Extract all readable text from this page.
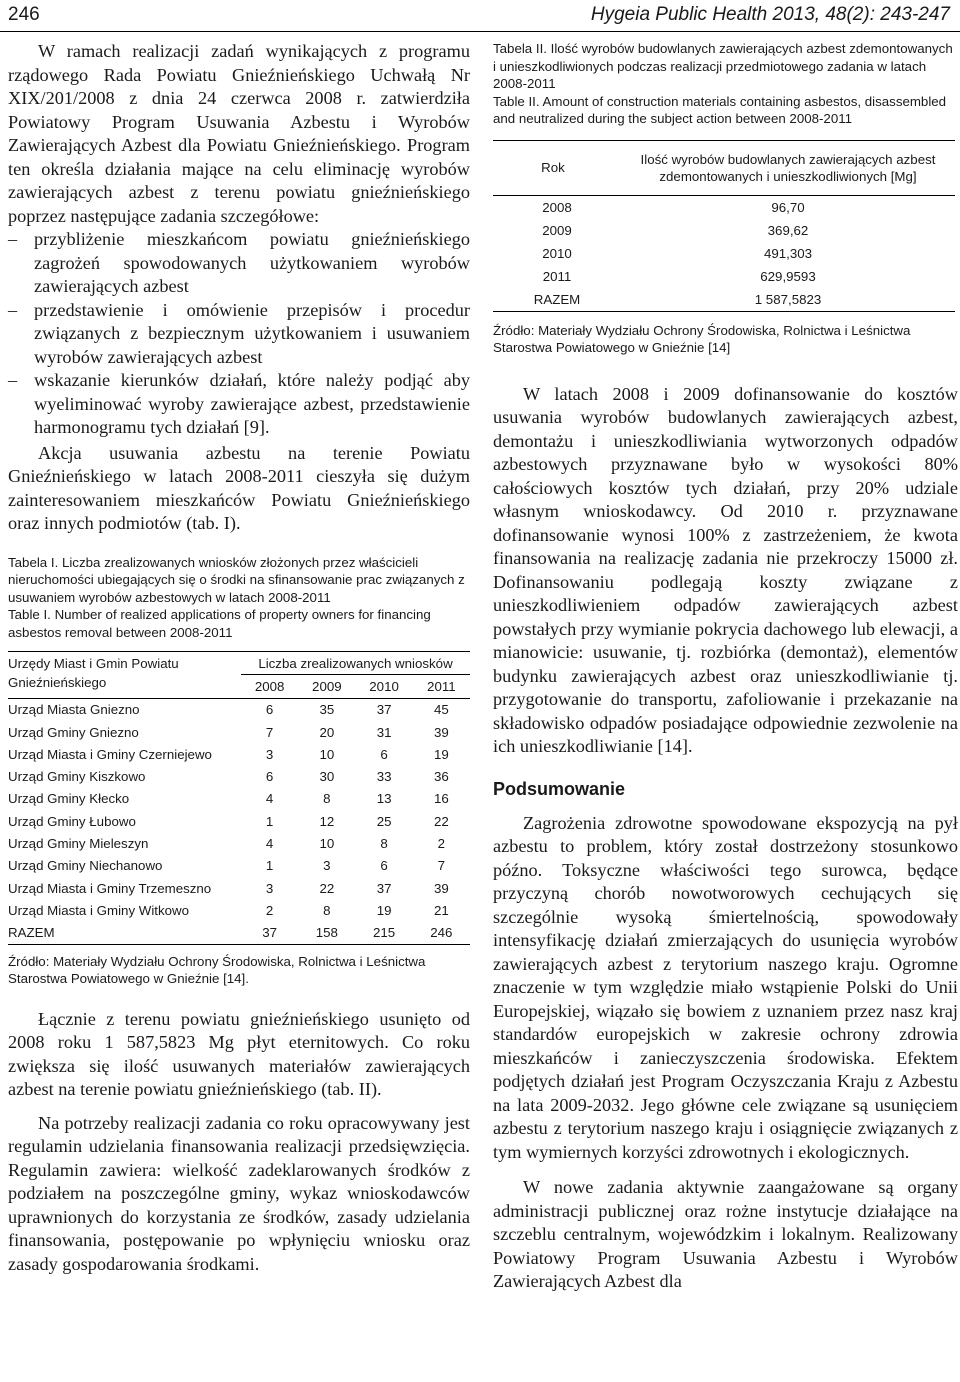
246	Hygeia Public Health 2013, 48(2): 243-247

W ramach realizacji zadań wynikających z programu rządowego Rada Powiatu Gnieźnieńskiego Uchwałą Nr XIX/201/2008 z dnia 24 czerwca 2008 r. zatwierdziła Powiatowy Program Usuwania Azbestu i Wyrobów Zawierających Azbest dla Powiatu Gnieźnieńskiego. Program ten określa działania mające na celu eliminację wyrobów zawierających azbest z terenu powiatu gnieźnieńskiego poprzez następujące zadania szczegółowe:

– przybliżenie mieszkańcom powiatu gnieźnieńskiego zagrożeń spowodowanych użytkowaniem wyrobów zawierających azbest
– przedstawienie i omówienie przepisów i procedur związanych z bezpiecznym użytkowaniem i usuwaniem wyrobów zawierających azbest
– wskazanie kierunków działań, które należy podjąć aby wyeliminować wyroby zawierające azbest, przedstawienie harmonogramu tych działań [9].

Akcja usuwania azbestu na terenie Powiatu Gnieźnieńskiego w latach 2008-2011 cieszyła się dużym zainteresowaniem mieszkańców Powiatu Gnieźnieńskiego oraz innych podmiotów (tab. I).

Tabela I. Liczba zrealizowanych wniosków złożonych przez właścicieli nieruchomości ubiegających się o środki na sfinansowanie prac związanych z usuwaniem wyrobów azbestowych w latach 2008-2011

Table I. Number of realized applications of property owners for financing asbestos removal between 2008-2011

Urzędy Miast i Gmin Powiatu Gnieźnieńskiego	Liczba zrealizowanych wniosków			
	2008	2009	2010	2011
Urząd Miasta Gniezno	6	35	37	45
Urząd Gminy Gniezno	7	20	31	39
Urząd Miasta i Gminy Czerniejewo	3	10	6	19
Urząd Gminy Kiszkowo	6	30	33	36
Urząd Gminy Kłecko	4	8	13	16
Urząd Gminy Łubowo	1	12	25	22
Urząd Gminy Mieleszyn	4	10	8	2
Urząd Gminy Niechanowo	1	3	6	7
Urząd Miasta i Gminy Trzemeszno	3	22	37	39
Urząd Miasta i Gminy Witkowo	2	8	19	21
RAZEM	37	158	215	246

Źródło: Materiały Wydziału Ochrony Środowiska, Rolnictwa i Leśnictwa Starostwa Powiatowego w Gnieźnie [14].

Łącznie z terenu powiatu gnieźnieńskiego usunięto od 2008 roku 1 587,5823 Mg płyt eternitowych. Co roku zwiększa się ilość usuwanych materiałów zawierających azbest na terenie powiatu gnieźnieńskiego (tab. II).

Na potrzeby realizacji zadania co roku opracowywany jest regulamin udzielania finansowania realizacji przedsięwzięcia. Regulamin zawiera: wielkość zadeklarowanych środków z podziałem na poszczególne gminy, wykaz wnioskodawców uprawnionych do korzystania ze środków, zasady udzielania finansowania, postępowanie po wpłynięciu wniosku oraz zasady gospodarowania środkami.

Tabela II. Ilość wyrobów budowlanych zawierających azbest zdemontowanych i unieszkodliwionych podczas realizacji przedmiotowego zadania w latach 2008-2011

Table II. Amount of construction materials containing asbestos, disassembled and neutralized during the subject action between 2008-2011

Rok	Ilość wyrobów budowlanych zawierających azbest zdemontowanych i unieszkodliwionych [Mg]
2008	96,70
2009	369,62
2010	491,303
2011	629,9593
RAZEM	1 587,5823

Źródło: Materiały Wydziału Ochrony Środowiska, Rolnictwa i Leśnictwa Starostwa Powiatowego w Gnieźnie [14]

W latach 2008 i 2009 dofinansowanie do kosztów usuwania wyrobów budowlanych zawierających azbest, demontażu i unieszkodliwiania wytworzonych odpadów azbestowych przyznawane było w wysokości 80% całościowych kosztów tych działań, przy 20% udziale własnym wnioskodawcy. Od 2010 r. przyznawane dofinansowanie wynosi 100% z zastrzeżeniem, że kwota finansowania na realizację zadania nie przekroczy 15000 zł. Dofinansowaniu podlegają koszty związane z unieszkodliwieniem odpadów zawierających azbest powstałych przy wymianie pokrycia dachowego lub elewacji, a mianowicie: usuwanie, tj. rozbiórka (demontaż), elementów budynku zawierających azbest oraz unieszkodliwianie tj. przygotowanie do transportu, zafoliowanie i przekazanie na składowisko odpadów posiadające odpowiednie zezwolenie na ich unieszkodliwianie [14].

Podsumowanie

Zagrożenia zdrowotne spowodowane ekspozycją na pył azbestu to problem, który został dostrzeżony stosunkowo późno. Toksyczne właściwości tego surowca, będące przyczyną chorób nowotworowych cechujących się szczególnie wysoką śmiertelnością, spowodowały intensyfikację działań zmierzających do usunięcia wyrobów zawierających azbest z terytorium naszego kraju. Ogromne znaczenie w tym względzie miało wstąpienie Polski do Unii Europejskiej, wiązało się bowiem z uznaniem przez nasz kraj standardów europejskich w zakresie ochrony zdrowia mieszkańców i zanieczyszczenia środowiska. Efektem podjętych działań jest Program Oczyszczania Kraju z Azbestu na lata 2009-2032. Jego główne cele związane są usunięciem azbestu z terytorium naszego kraju i osiągnięcie związanych z tym wymiernych korzyści zdrowotnych i ekologicznych.

W nowe zadania aktywnie zaangażowane są organy administracji publicznej oraz rożne instytucje działające na szczeblu centralnym, wojewódzkim i lokalnym. Realizowany Powiatowy Program Usuwania Azbestu i Wyrobów Zawierających Azbest dla
